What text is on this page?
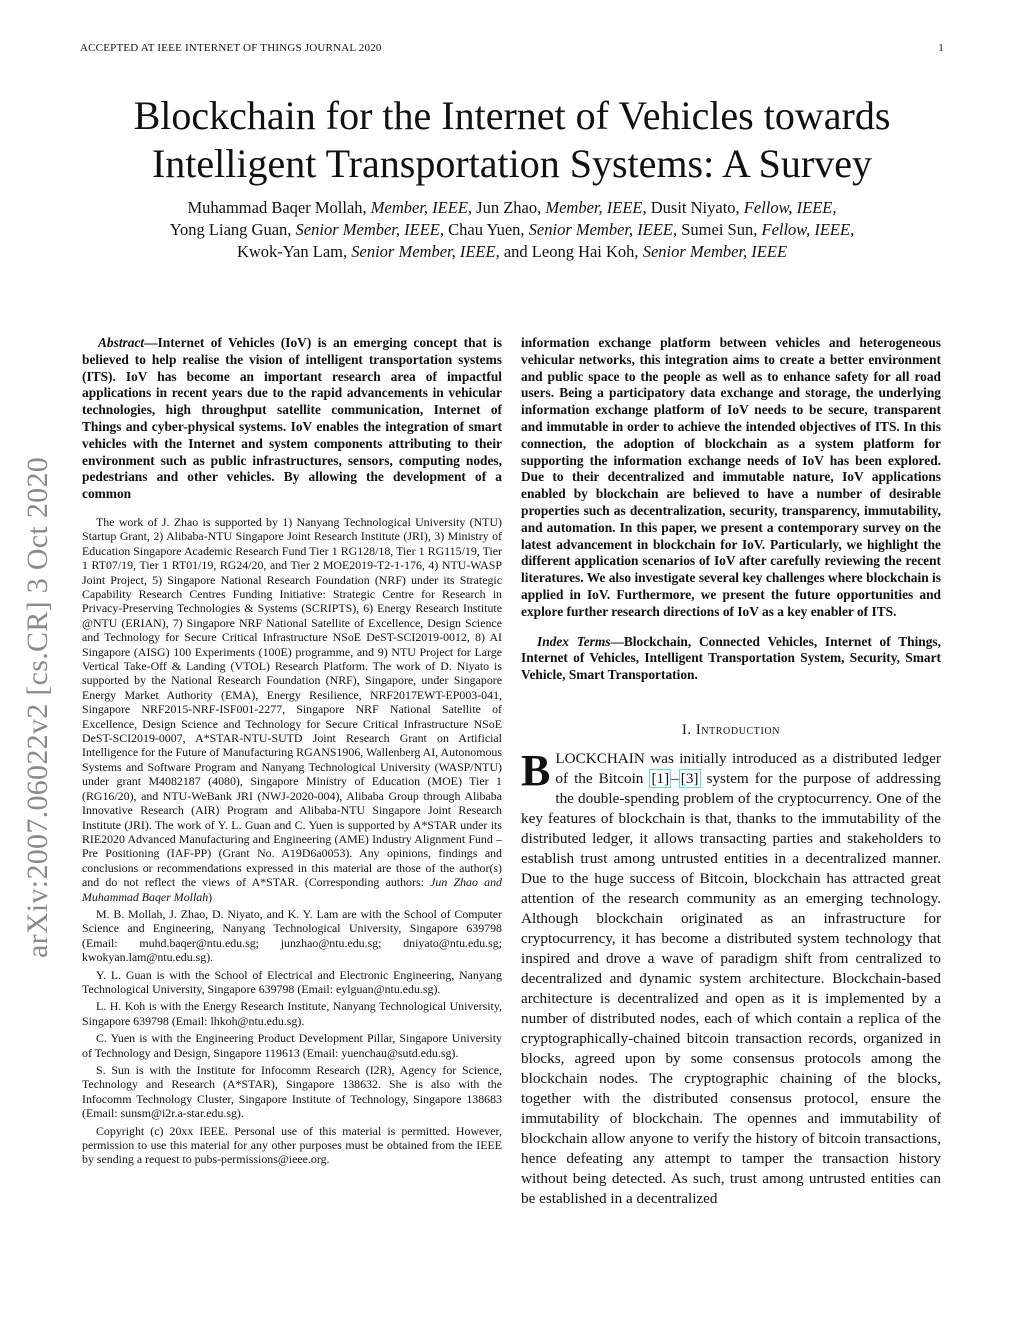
ACCEPTED AT IEEE INTERNET OF THINGS JOURNAL 2020	1
arXiv:2007.06022v2 [cs.CR] 3 Oct 2020
Blockchain for the Internet of Vehicles towards
Intelligent Transportation Systems: A Survey
Muhammad Baqer Mollah, Member, IEEE, Jun Zhao, Member, IEEE, Dusit Niyato, Fellow, IEEE,
Yong Liang Guan, Senior Member, IEEE, Chau Yuen, Senior Member, IEEE, Sumei Sun, Fellow, IEEE,
Kwok-Yan Lam, Senior Member, IEEE, and Leong Hai Koh, Senior Member, IEEE

Abstract—Internet of Vehicles (IoV) is an emerging concept that is believed to help realise the vision of intelligent transportation systems (ITS). IoV has become an important research area of impactful applications in recent years due to the rapid advancements in vehicular technologies, high throughput satellite communication, Internet of Things and cyber-physical systems. IoV enables the integration of smart vehicles with the Internet and system components attributing to their environment such as public infrastructures, sensors, computing nodes, pedestrians and other vehicles. By allowing the development of a common

The work of J. Zhao is supported by 1) Nanyang Technological University (NTU) Startup Grant, 2) Alibaba-NTU Singapore Joint Research Institute (JRI), 3) Ministry of Education Singapore Academic Research Fund Tier 1 RG128/18, Tier 1 RG115/19, Tier 1 RT07/19, Tier 1 RT01/19, RG24/20, and Tier 2 MOE2019-T2-1-176, 4) NTU-WASP Joint Project, 5) Singapore National Research Foundation (NRF) under its Strategic Capability Research Centres Funding Initiative: Strategic Centre for Research in Privacy-Preserving Technologies & Systems (SCRIPTS), 6) Energy Research Institute @NTU (ERIAN), 7) Singapore NRF National Satellite of Excellence, Design Science and Technology for Secure Critical Infrastructure NSoE DeST-SCI2019-0012, 8) AI Singapore (AISG) 100 Experiments (100E) programme, and 9) NTU Project for Large Vertical Take-Off & Landing (VTOL) Research Platform. The work of D. Niyato is supported by the National Research Foundation (NRF), Singapore, under Singapore Energy Market Authority (EMA), Energy Resilience, NRF2017EWT-EP003-041, Singapore NRF2015-NRF-ISF001-2277, Singapore NRF National Satellite of Excellence, Design Science and Technology for Secure Critical Infrastructure NSoE DeST-SCI2019-0007, A*STAR-NTU-SUTD Joint Research Grant on Artificial Intelligence for the Future of Manufacturing RGANS1906, Wallenberg AI, Autonomous Systems and Software Program and Nanyang Technological University (WASP/NTU) under grant M4082187 (4080), Singapore Ministry of Education (MOE) Tier 1 (RG16/20), and NTU-WeBank JRI (NWJ-2020-004), Alibaba Group through Alibaba Innovative Research (AIR) Program and Alibaba-NTU Singapore Joint Research Institute (JRI). The work of Y. L. Guan and C. Yuen is supported by A*STAR under its RIE2020 Advanced Manufacturing and Engineering (AME) Industry Alignment Fund – Pre Positioning (IAF-PP) (Grant No. A19D6a0053). Any opinions, findings and conclusions or recommendations expressed in this material are those of the author(s) and do not reflect the views of A*STAR. (Corresponding authors: Jun Zhao and Muhammad Baqer Mollah)

M. B. Mollah, J. Zhao, D. Niyato, and K. Y. Lam are with the School of Computer Science and Engineering, Nanyang Technological University, Singapore 639798 (Email: muhd.baqer@ntu.edu.sg; junzhao@ntu.edu.sg; dniyato@ntu.edu.sg; kwokyan.lam@ntu.edu.sg).

Y. L. Guan is with the School of Electrical and Electronic Engineering, Nanyang Technological University, Singapore 639798 (Email: eylguan@ntu.edu.sg).

L. H. Koh is with the Energy Research Institute, Nanyang Technological University, Singapore 639798 (Email: lhkoh@ntu.edu.sg).

C. Yuen is with the Engineering Product Development Pillar, Singapore University of Technology and Design, Singapore 119613 (Email: yuenchau@sutd.edu.sg).

S. Sun is with the Institute for Infocomm Research (I2R), Agency for Science, Technology and Research (A*STAR), Singapore 138632. She is also with the Infocomm Technology Cluster, Singapore Institute of Technology, Singapore 138683 (Email: sunsm@i2r.a-star.edu.sg).

Copyright (c) 20xx IEEE. Personal use of this material is permitted. However, permission to use this material for any other purposes must be obtained from the IEEE by sending a request to pubs-permissions@ieee.org.

information exchange platform between vehicles and heterogeneous vehicular networks, this integration aims to create a better environment and public space to the people as well as to enhance safety for all road users. Being a participatory data exchange and storage, the underlying information exchange platform of IoV needs to be secure, transparent and immutable in order to achieve the intended objectives of ITS. In this connection, the adoption of blockchain as a system platform for supporting the information exchange needs of IoV has been explored. Due to their decentralized and immutable nature, IoV applications enabled by blockchain are believed to have a number of desirable properties such as decentralization, security, transparency, immutability, and automation. In this paper, we present a contemporary survey on the latest advancement in blockchain for IoV. Particularly, we highlight the different application scenarios of IoV after carefully reviewing the recent literatures. We also investigate several key challenges where blockchain is applied in IoV. Furthermore, we present the future opportunities and explore further research directions of IoV as a key enabler of ITS.

Index Terms—Blockchain, Connected Vehicles, Internet of Things, Internet of Vehicles, Intelligent Transportation System, Security, Smart Vehicle, Smart Transportation.

I. Introduction

BLOCKCHAIN was initially introduced as a distributed ledger of the Bitcoin [1] – [3] system for the purpose of addressing the double-spending problem of the cryptocurrency. One of the key features of blockchain is that, thanks to the immutability of the distributed ledger, it allows transacting parties and stakeholders to establish trust among untrusted entities in a decentralized manner. Due to the huge success of Bitcoin, blockchain has attracted great attention of the research community as an emerging technology. Although blockchain originated as an infrastructure for cryptocurrency, it has become a distributed system technology that inspired and drove a wave of paradigm shift from centralized to decentralized and dynamic system architecture. Blockchain-based architecture is decentralized and open as it is implemented by a number of distributed nodes, each of which contain a replica of the cryptographically-chained bitcoin transaction records, organized in blocks, agreed upon by some consensus protocols among the blockchain nodes. The cryptographic chaining of the blocks, together with the distributed consensus protocol, ensure the immutability of blockchain. The opennes and immutability of blockchain allow anyone to verify the history of bitcoin transactions, hence defeating any attempt to tamper the transaction history without being detected. As such, trust among untrusted entities can be established in a decentralized
